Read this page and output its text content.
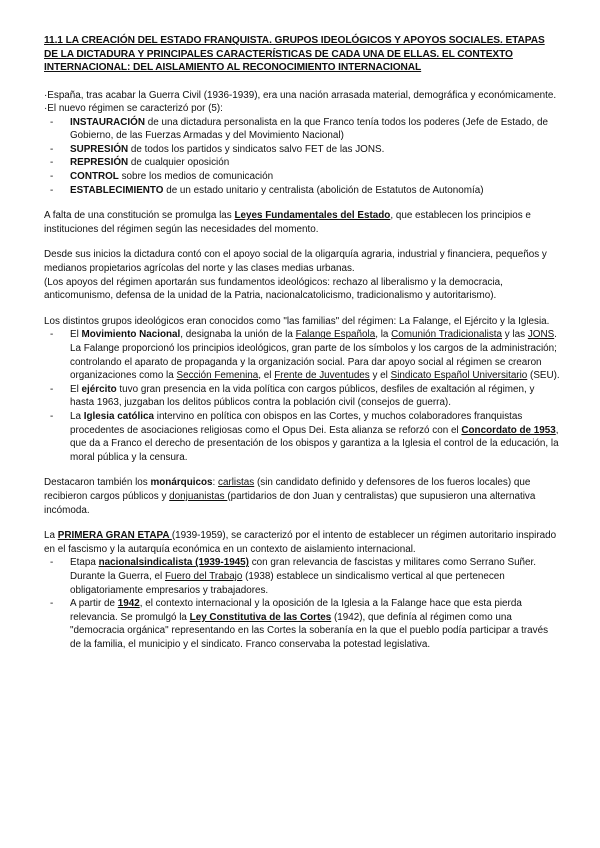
11.1 LA CREACIÓN DEL ESTADO FRANQUISTA. GRUPOS IDEOLÓGICOS Y APOYOS SOCIALES. ETAPAS DE LA DICTADURA Y PRINCIPALES CARACTERÍSTICAS DE CADA UNA DE ELLAS. EL CONTEXTO INTERNACIONAL: DEL AISLAMIENTO AL RECONOCIMIENTO INTERNACIONAL

·España, tras acabar la Guerra Civil (1936-1939), era una nación arrasada material, demográfica y económicamente.

·El nuevo régimen se caracterizó por (5):

- INSTAURACIÓN de una dictadura personalista en la que Franco tenía todos los poderes (Jefe de Estado, de Gobierno, de las Fuerzas Armadas y del Movimiento Nacional)
- SUPRESIÓN de todos los partidos y sindicatos salvo FET de las JONS.
- REPRESIÓN de cualquier oposición
- CONTROL sobre los medios de comunicación
- ESTABLECIMIENTO de un estado unitario y centralista (abolición de Estatutos de Autonomía)

A falta de una constitución se promulga las Leyes Fundamentales del Estado, que establecen los principios e instituciones del régimen según las necesidades del momento.

Desde sus inicios la dictadura contó con el apoyo social de la oligarquía agraria, industrial y financiera, pequeños y medianos propietarios agrícolas del norte y las clases medias urbanas.

(Los apoyos del régimen aportarán sus fundamentos ideológicos: rechazo al liberalismo y la democracia, anticomunismo, defensa de la unidad de la Patria, nacionalcatolicismo, tradicionalismo y autoritarismo).

Los distintos grupos ideológicos eran conocidos como "las familias" del régimen: La Falange, el Ejército y la Iglesia.

- El Movimiento Nacional, designaba la unión de la Falange Española, la Comunión Tradicionalista y las JONS. La Falange proporcionó los principios ideológicos, gran parte de los símbolos y los cargos de la administración; controlando el aparato de propaganda y la organización social. Para dar apoyo social al régimen se crearon organizaciones como la Sección Femenina, el Frente de Juventudes y el Sindicato Español Universitario (SEU).
- El ejército tuvo gran presencia en la vida política con cargos públicos, desfiles de exaltación al régimen, y hasta 1963, juzgaban los delitos públicos contra la población civil (consejos de guerra).
- La Iglesia católica intervino en política con obispos en las Cortes, y muchos colaboradores franquistas procedentes de asociaciones religiosas como el Opus Dei. Esta alianza se reforzó con el Concordato de 1953, que da a Franco el derecho de presentación de los obispos y garantiza a la Iglesia el control de la educación, la moral pública y la censura.

Destacaron también los monárquicos: carlistas (sin candidato definido y defensores de los fueros locales) que recibieron cargos públicos y donjuanistas (partidarios de don Juan y centralistas) que supusieron una alternativa incómoda.

La PRIMERA GRAN ETAPA (1939-1959), se caracterizó por el intento de establecer un régimen autoritario inspirado en el fascismo y la autarquía económica en un contexto de aislamiento internacional.

- Etapa nacionalsindicalista (1939-1945) con gran relevancia de fascistas y militares como Serrano Suñer. Durante la Guerra, el Fuero del Trabajo (1938) establece un sindicalismo vertical al que pertenecen obligatoriamente empresarios y trabajadores.
- A partir de 1942, el contexto internacional y la oposición de la Iglesia a la Falange hace que esta pierda relevancia. Se promulgó la Ley Constitutiva de las Cortes (1942), que definía al régimen como una "democracia orgánica" representando en las Cortes la soberanía en la que el pueblo podía participar a través de la familia, el municipio y el sindicato. Franco conservaba la potestad legislativa.
